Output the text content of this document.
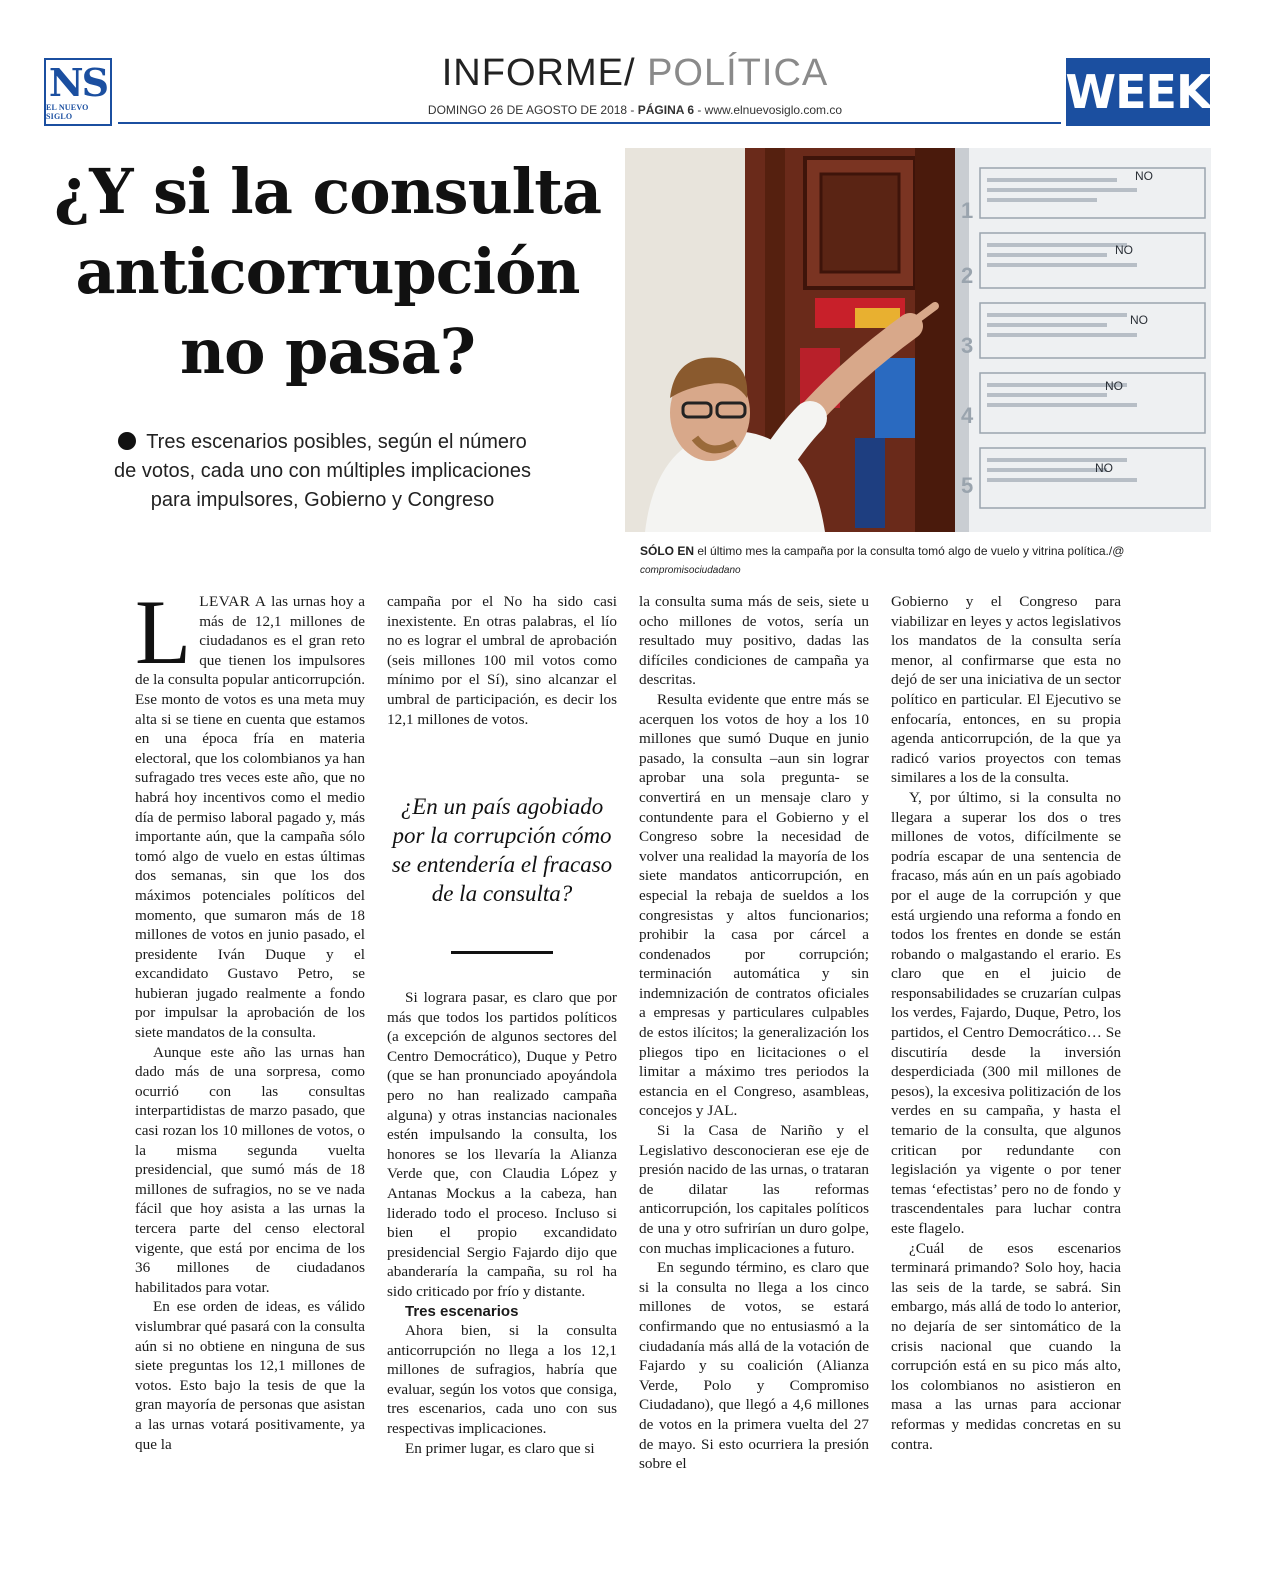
NS
EL NUEVO SIGLO
INFORME/ POLÍTICA
DOMINGO 26 DE AGOSTO DE 2018 - PÁGINA 6 - www.elnuevosiglo.com.co	WEEK
¿Y si la consulta anticorrupción no pasa?
Tres escenarios posibles, según el número de votos, cada uno con múltiples implicaciones para impulsores, Gobierno y Congreso
NO
NO
NO
NO
NO
1
2
3
4
5
SÓLO EN el último mes la campaña por la consulta tomó algo de vuelo y vitrina política./@
compromisociudadano

LLEVAR A las urnas hoy a más de 12,1 millones de ciudadanos es el gran reto que tienen los impulsores de la consulta popular anticorrupción. Ese monto de votos es una meta muy alta si se tiene en cuenta que estamos en una época fría en materia electoral, que los colombianos ya han sufragado tres veces este año, que no habrá hoy incentivos como el medio día de permiso laboral pagado y, más importante aún, que la campaña sólo tomó algo de vuelo en estas últimas dos semanas, sin que los dos máximos potenciales políticos del momento, que sumaron más de 18 millones de votos en junio pasado, el presidente Iván Duque y el excandidato Gustavo Petro, se hubieran jugado realmente a fondo por impulsar la aprobación de los siete mandatos de la consulta.

Aunque este año las urnas han dado más de una sorpresa, como ocurrió con las consultas interpartidistas de marzo pasado, que casi rozan los 10 millones de votos, o la misma segunda vuelta presidencial, que sumó más de 18 millones de sufragios, no se ve nada fácil que hoy asista a las urnas la tercera parte del censo electoral vigente, que está por encima de los 36 millones de ciudadanos habilitados para votar.

En ese orden de ideas, es válido vislumbrar qué pasará con la consulta aún si no obtiene en ninguna de sus siete preguntas los 12,1 millones de votos. Esto bajo la tesis de que la gran mayoría de personas que asistan a las urnas votará positivamente, ya que la

campaña por el No ha sido casi inexistente. En otras palabras, el lío no es lograr el umbral de aprobación (seis millones 100 mil votos como mínimo por el Sí), sino alcanzar el umbral de participación, es decir los 12,1 millones de votos.

¿En un país agobiado por la corrupción cómo se entendería el fracaso de la consulta?

Si lograra pasar, es claro que por más que todos los partidos políticos (a excepción de algunos sectores del Centro Democrático), Duque y Petro (que se han pronunciado apoyándola pero no han realizado campaña alguna) y otras instancias nacionales estén impulsando la consulta, los honores se los llevaría la Alianza Verde que, con Claudia López y Antanas Mockus a la cabeza, han liderado todo el proceso. Incluso si bien el propio excandidato presidencial Sergio Fajardo dijo que abanderaría la campaña, su rol ha sido criticado por frío y distante.

Tres escenarios

Ahora bien, si la consulta anticorrupción no llega a los 12,1 millones de sufragios, habría que evaluar, según los votos que consiga, tres escenarios, cada uno con sus respectivas implicaciones.

En primer lugar, es claro que si

la consulta suma más de seis, siete u ocho millones de votos, sería un resultado muy positivo, dadas las difíciles condiciones de campaña ya descritas.

Resulta evidente que entre más se acerquen los votos de hoy a los 10 millones que sumó Duque en junio pasado, la consulta –aun sin lograr aprobar una sola pregunta- se convertirá en un mensaje claro y contundente para el Gobierno y el Congreso sobre la necesidad de volver una realidad la mayoría de los siete mandatos anticorrupción, en especial la rebaja de sueldos a los congresistas y altos funcionarios; prohibir la casa por cárcel a condenados por corrupción; terminación automática y sin indemnización de contratos oficiales a empresas y particulares culpables de estos ilícitos; la generalización los pliegos tipo en licitaciones o el limitar a máximo tres periodos la estancia en el Congreso, asambleas, concejos y JAL.

Si la Casa de Nariño y el Legislativo desconocieran ese eje de presión nacido de las urnas, o trataran de dilatar las reformas anticorrupción, los capitales políticos de una y otro sufrirían un duro golpe, con muchas implicaciones a futuro.

En segundo término, es claro que si la consulta no llega a los cinco millones de votos, se estará confirmando que no entusiasmó a la ciudadanía más allá de la votación de Fajardo y su coalición (Alianza Verde, Polo y Compromiso Ciudadano), que llegó a 4,6 millones de votos en la primera vuelta del 27 de mayo. Si esto ocurriera la presión sobre el

Gobierno y el Congreso para viabilizar en leyes y actos legislativos los mandatos de la consulta sería menor, al confirmarse que esta no dejó de ser una iniciativa de un sector político en particular. El Ejecutivo se enfocaría, entonces, en su propia agenda anticorrupción, de la que ya radicó varios proyectos con temas similares a los de la consulta.

Y, por último, si la consulta no llegara a superar los dos o tres millones de votos, difícilmente se podría escapar de una sentencia de fracaso, más aún en un país agobiado por el auge de la corrupción y que está urgiendo una reforma a fondo en todos los frentes en donde se están robando o malgastando el erario. Es claro que en el juicio de responsabilidades se cruzarían culpas los verdes, Fajardo, Duque, Petro, los partidos, el Centro Democrático… Se discutiría desde la inversión desperdiciada (300 mil millones de pesos), la excesiva politización de los verdes en su campaña, y hasta el temario de la consulta, que algunos critican por redundante con legislación ya vigente o por tener temas ‘efectistas’ pero no de fondo y trascendentales para luchar contra este flagelo.

¿Cuál de esos escenarios terminará primando? Solo hoy, hacia las seis de la tarde, se sabrá. Sin embargo, más allá de todo lo anterior, no dejaría de ser sintomático de la crisis nacional que cuando la corrupción está en su pico más alto, los colombianos no asistieron en masa a las urnas para accionar reformas y medidas concretas en su contra.
